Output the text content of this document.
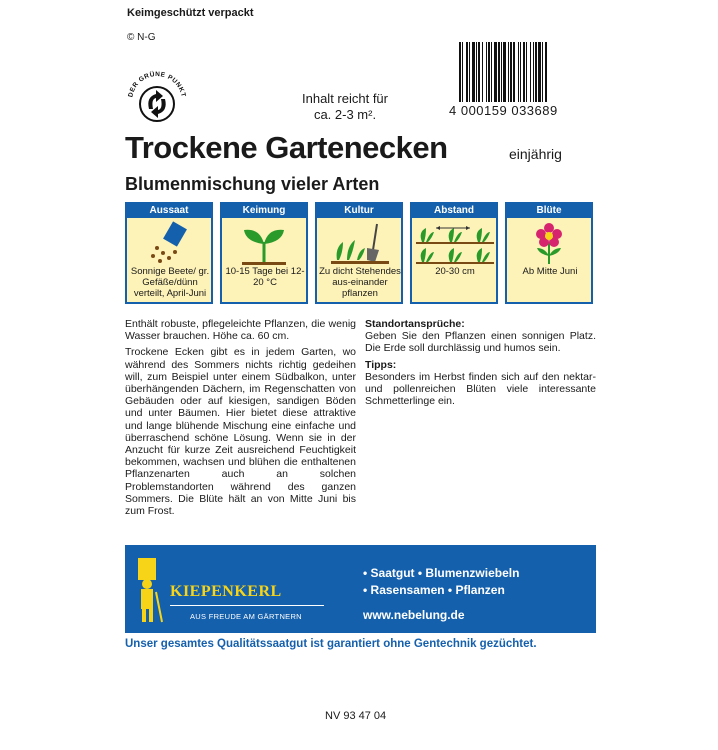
Keimgeschützt verpackt
© N-G
DER GRÜNE PUNKT
4 000159 033689
Inhalt reicht für
ca. 2-3 m².
Trockene Gartenecken	einjährig
Blumenmischung vieler Arten
Aussaat
Sonnige Beete/ gr. Gefäße/dünn verteilt, April-Juni
Keimung
10-15 Tage bei 12-20 °C
Kultur
Zu dicht Stehendes aus-einander pflanzen
Abstand
20-30 cm
Blüte
Ab Mitte Juni

Enthält robuste, pflegeleichte Pflanzen, die wenig Wasser brauchen. Höhe ca. 60 cm.

Trockene Ecken gibt es in jedem Garten, wo während des Sommers nichts richtig gedeihen will, zum Beispiel unter einem Südbalkon, unter überhängenden Dächern, im Regenschatten von Gebäuden oder auf kiesigen, sandigen Böden und unter Bäumen. Hier bietet diese attraktive und lange blühende Mischung eine einfache und überraschend schöne Lösung. Wenn sie in der Anzucht für kurze Zeit ausreichend Feuchtigkeit bekommen, wachsen und blühen die enthaltenen Pflanzenarten auch an solchen Problemstandorten während des ganzen Sommers. Die Blüte hält an von Mitte Juni bis zum Frost.

Standortansprüche:

Geben Sie den Pflanzen einen sonnigen Platz. Die Erde soll durchlässig und humos sein.

Tipps:

Besonders im Herbst finden sich auf den nektar- und pollenreichen Blüten viele interessante Schmetterlinge ein.

KIEPENKERL
AUS FREUDE AM GÄRTNERN
• Saatgut • Blumenzwiebeln
• Rasensamen • Pflanzen
www.nebelung.de
Unser gesamtes Qualitätssaatgut ist garantiert ohne Gentechnik gezüchtet.
NV 93 47 04
